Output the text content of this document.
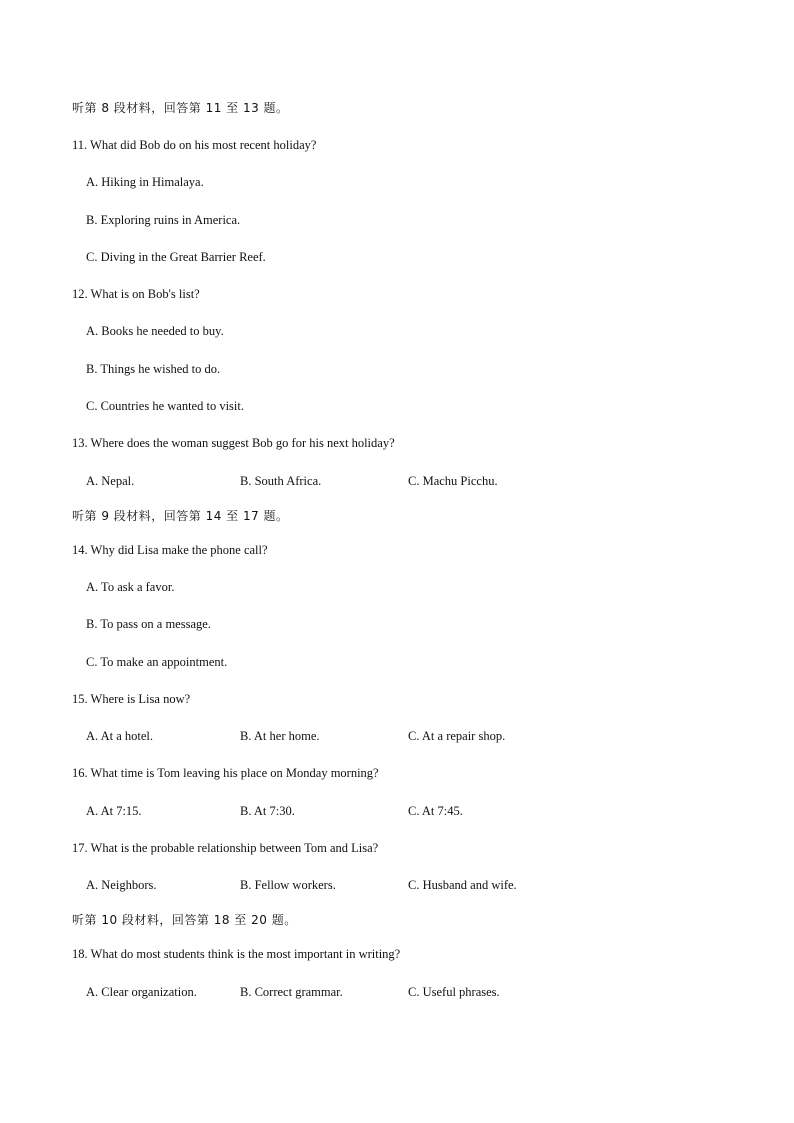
听第 8 段材料，回答第 11 至 13 题。
11. What did Bob do on his most recent holiday?
A. Hiking in Himalaya.
B. Exploring ruins in America.
C. Diving in the Great Barrier Reef.
12. What is on Bob's list?
A. Books he needed to buy.
B. Things he wished to do.
C. Countries he wanted to visit.
13. Where does the woman suggest Bob go for his next holiday?
A. Nepal.	B. South Africa.	C. Machu Picchu.
听第 9 段材料，回答第 14 至 17 题。
14. Why did Lisa make the phone call?
A. To ask a favor.
B. To pass on a message.
C. To make an appointment.
15. Where is Lisa now?
A. At a hotel.	B. At her home.	C. At a repair shop.
16. What time is Tom leaving his place on Monday morning?
A. At 7:15.	B. At 7:30.	C. At 7:45.
17. What is the probable relationship between Tom and Lisa?
A. Neighbors.	B. Fellow workers.	C. Husband and wife.
听第 10 段材料，回答第 18 至 20 题。
18. What do most students think is the most important in writing?
A. Clear organization.	B. Correct grammar.	C. Useful phrases.
